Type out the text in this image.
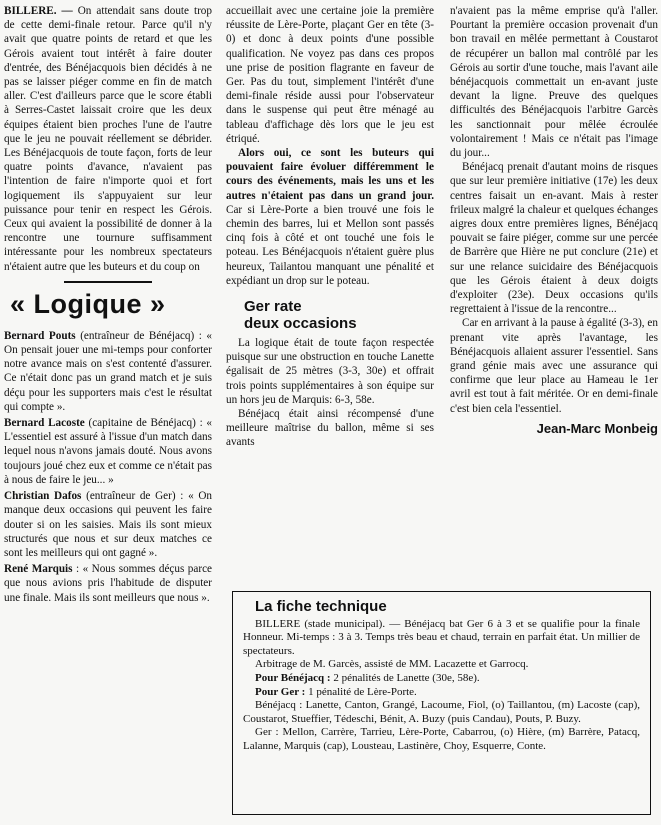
BILLERE. — On attendait sans doute trop de cette demi-finale retour. Parce qu'il n'y avait que quatre points de retard et que les Gérois avaient tout intérêt à faire douter d'entrée, des Bénéjacquois bien décidés à ne pas se laisser piéger comme en fin de match aller. C'est d'ailleurs parce que le score établi à Serres-Castet laissait croire que les deux équipes étaient bien proches l'une de l'autre que le jeu ne pouvait réellement se débrider. Les Bénéjacquois de toute façon, forts de leur quatre points d'avance, n'avaient pas l'intention de faire n'importe quoi et fort logiquement ils s'appuyaient sur leur puissance pour tenir en respect les Gérois. Ceux qui avaient la possibilité de donner à la rencontre une tournure suffisamment intéressante pour les nombreux spectateurs n'étaient autre que les buteurs et du coup on

« Logique »

Bernard Pouts (entraîneur de Bénéjacq) : « On pensait jouer une mi-temps pour conforter notre avance mais on s'est contenté d'assurer. Ce n'était donc pas un grand match et je suis déçu pour les supporters mais c'est le résultat qui compte ».

Bernard Lacoste (capitaine de Bénéjacq) : « L'essentiel est assuré à l'issue d'un match dans lequel nous n'avons jamais douté. Nous avons toujours joué chez eux et comme ce n'était pas à nous de faire le jeu... »

Christian Dafos (entraîneur de Ger) : « On manque deux occasions qui peuvent les faire douter si on les saisies. Mais ils sont mieux structurés que nous et sur deux matches ce sont les meilleurs qui ont gagné ».

René Marquis : « Nous sommes déçus parce que nous avions pris l'habitude de disputer une finale. Mais ils sont meilleurs que nous ».

accueillait avec une certaine joie la première réussite de Lère-Porte, plaçant Ger en tête (3-0) et donc à deux points d'une possible qualification. Ne voyez pas dans ces propos une prise de position flagrante en faveur de Ger. Pas du tout, simplement l'intérêt d'une demi-finale réside aussi pour l'observateur dans le suspense qui peut être ménagé au tableau d'affichage dès lors que le jeu est étriqué.

Alors oui, ce sont les buteurs qui pouvaient faire évoluer différemment le cours des événements, mais les uns et les autres n'étaient pas dans un grand jour. Car si Lère-Porte a bien trouvé une fois le chemin des barres, lui et Mellon sont passés cinq fois à côté et ont touché une fois le poteau. Les Bénéjacquois n'étaient guère plus heureux, Tailantou manquant une pénalité et expédiant un drop sur le poteau.

Ger rate
deux occasions

La logique était de toute façon respectée puisque sur une obstruction en touche Lanette égalisait de 25 mètres (3-3, 30e) et offrait trois points supplémentaires à son équipe sur un hors jeu de Marquis: 6-3, 58e.

Bénéjacq était ainsi récompensé d'une meilleure maîtrise du ballon, même si ses avants

n'avaient pas la même emprise qu'à l'aller. Pourtant la première occasion provenait d'un bon travail en mêlée permettant à Coustarot de récupérer un ballon mal contrôlé par les Gérois au sortir d'une touche, mais l'avant aile bénéjacquois commettait un en-avant juste devant la ligne. Preuve des quelques difficultés des Bénéjacquois l'arbitre Garcès les sanctionnait pour mêlée écroulée volontairement ! Mais ce n'était pas l'image du jour...

Bénéjacq prenait d'autant moins de risques que sur leur première initiative (17e) les deux centres faisait un en-avant. Mais à rester frileux malgré la chaleur et quelques échanges aigres doux entre premières lignes, Bénéjacq pouvait se faire piéger, comme sur une percée de Barrère que Hière ne put conclure (21e) et sur une relance suicidaire des Bénéjacquois que les Gérois étaient à deux doigts d'exploiter (23e). Deux occasions qu'ils regrettaient à l'issue de la rencontre...

Car en arrivant à la pause à égalité (3-3), en prenant vite après l'avantage, les Bénéjacquois allaient assurer l'essentiel. Sans grand génie mais avec une assurance qui confirme que leur place au Hameau le 1er avril est tout à fait méritée. Or en demi-finale c'est bien cela l'essentiel.

Jean-Marc Monbeig
La fiche technique

BILLERE (stade municipal). — Bénéjacq bat Ger 6 à 3 et se qualifie pour la finale Honneur. Mi-temps : 3 à 3. Temps très beau et chaud, terrain en parfait état. Un millier de spectateurs.

Arbitrage de M. Garcès, assisté de MM. Lacazette et Garrocq.

Pour Bénéjacq : 2 pénalités de Lanette (30e, 58e).

Pour Ger : 1 pénalité de Lère-Porte.

Bénéjacq : Lanette, Canton, Grangé, Lacoume, Fiol, (o) Taillantou, (m) Lacoste (cap), Coustarot, Stueffier, Tédeschi, Bénit, A. Buzy (puis Candau), Pouts, P. Buzy.

Ger : Mellon, Carrère, Tarrieu, Lère-Porte, Cabarrou, (o) Hière, (m) Barrère, Patacq, Lalanne, Marquis (cap), Lousteau, Lastinère, Choy, Esquerre, Conte.
